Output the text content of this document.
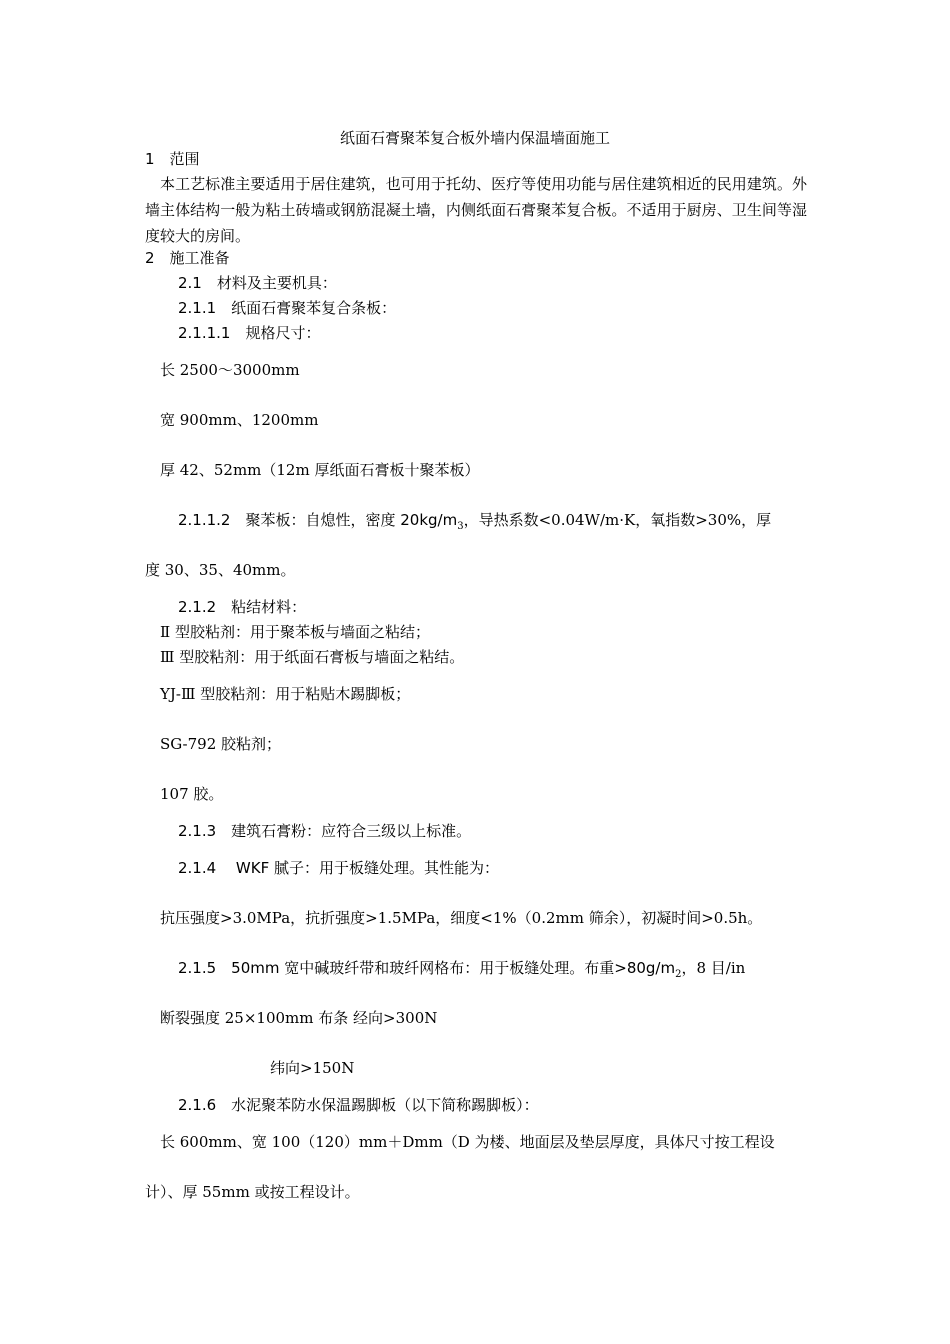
纸面石膏聚苯复合板外墙内保温墙面施工
1　范围
　本工艺标准主要适用于居住建筑，也可用于托幼、医疗等使用功能与居住建筑相近的民用建筑。外墙主体结构一般为粘土砖墙或钢筋混凝土墙，内侧纸面石膏聚苯复合板。不适用于厨房、卫生间等湿度较大的房间。
2　施工准备
2.1　材料及主要机具：
2.1.1　纸面石膏聚苯复合条板：
2.1.1.1　规格尺寸：
长 2500～3000mm
宽 900mm、1200mm
厚 42、52mm（12m 厚纸面石膏板十聚苯板）
2.1.1.2　聚苯板：自熄性，密度 $20kg/m_3$，导热系数<0.04W/m·K，氧指数>30%，厚
度 30、35、40mm。
2.1.2　粘结材料：
Ⅱ 型胶粘剂：用于聚苯板与墙面之粘结；
Ⅲ 型胶粘剂：用于纸面石膏板与墙面之粘结。
YJ-Ⅲ 型胶粘剂：用于粘贴木踢脚板；
SG-792 胶粘剂；
107 胶。
2.1.3　建筑石膏粉：应符合三级以上标准。
2.1.4　 WKF 腻子：用于板缝处理。其性能为：
抗压强度>3.0MPa，抗折强度>1.5MPa，细度<1%（0.2mm 筛余），初凝时间>0.5h。
2.1.5　50mm 宽中碱玻纤带和玻纤网格布：用于板缝处理。布重$>80g/m_2$，8 目/in
断裂强度 25×100mm 布条 经向>300N
纬向>150N
2.1.6　水泥聚苯防水保温踢脚板（以下简称踢脚板）：
长 600mm、宽 100（120）mm＋Dmm（D 为楼、地面层及垫层厚度，具体尺寸按工程设
计）、厚 55mm 或按工程设计。
